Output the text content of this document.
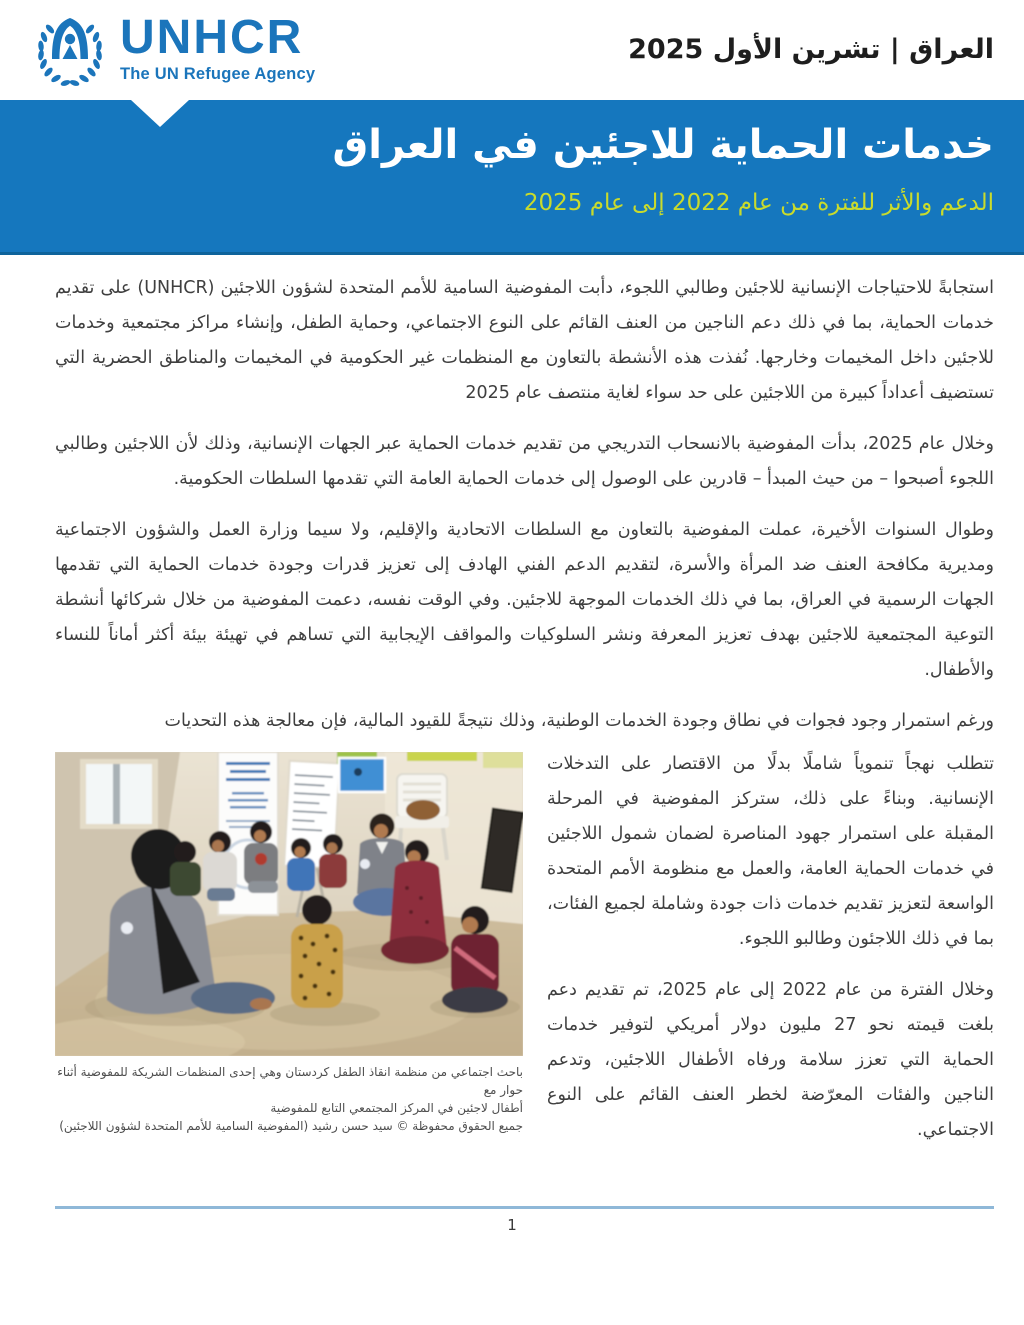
UNHCR
The UN Refugee Agency
العراق | تشرين الأول 2025
خدمات الحماية للاجئين في العراق
الدعم والأثر للفترة من عام 2022 إلى عام 2025

استجابةً للاحتياجات الإنسانية للاجئين وطالبي اللجوء، دأبت المفوضية السامية للأمم المتحدة لشؤون اللاجئين (UNHCR) على تقديم خدمات الحماية، بما في ذلك دعم الناجين من العنف القائم على النوع الاجتماعي، وحماية الطفل، وإنشاء مراكز مجتمعية وخدمات للاجئين داخل المخيمات وخارجها. نُفذت هذه الأنشطة بالتعاون مع المنظمات غير الحكومية في المخيمات والمناطق الحضرية التي تستضيف أعداداً كبيرة من اللاجئين على حد سواء لغاية منتصف عام 2025

وخلال عام 2025، بدأت المفوضية بالانسحاب التدريجي من تقديم خدمات الحماية عبر الجهات الإنسانية، وذلك لأن اللاجئين وطالبي اللجوء أصبحوا – من حيث المبدأ – قادرين على الوصول إلى خدمات الحماية العامة التي تقدمها السلطات الحكومية.

وطوال السنوات الأخيرة، عملت المفوضية بالتعاون مع السلطات الاتحادية والإقليم، ولا سيما وزارة العمل والشؤون الاجتماعية ومديرية مكافحة العنف ضد المرأة والأسرة، لتقديم الدعم الفني الهادف إلى تعزيز قدرات وجودة خدمات الحماية التي تقدمها الجهات الرسمية في العراق، بما في ذلك الخدمات الموجهة للاجئين. وفي الوقت نفسه، دعمت المفوضية من خلال شركائها أنشطة التوعية المجتمعية للاجئين بهدف تعزيز المعرفة ونشر السلوكيات والمواقف الإيجابية التي تساهم في تهيئة بيئة أكثر أماناً للنساء والأطفال.

ورغم استمرار وجود فجوات في نطاق وجودة الخدمات الوطنية، وذلك نتيجةً للقيود المالية، فإن معالجة هذه التحديات

باحث اجتماعي من منظمة انقاذ الطفل كردستان وهي إحدى المنظمات الشريكة للمفوضية أثناء حوار مع
أطفال لاجئين في المركز المجتمعي التابع للمفوضية
جميع الحقوق محفوظة © سيد حسن رشيد (المفوضية السامية للأمم المتحدة لشؤون اللاجئين)

تتطلب نهجاً تنموياً شاملًا بدلًا من الاقتصار على التدخلات الإنسانية. وبناءً على ذلك، ستركز المفوضية في المرحلة المقبلة على استمرار جهود المناصرة لضمان شمول اللاجئين في خدمات الحماية العامة، والعمل مع منظومة الأمم المتحدة الواسعة لتعزيز تقديم خدمات ذات جودة وشاملة لجميع الفئات، بما في ذلك اللاجئون وطالبو اللجوء.

وخلال الفترة من عام 2022 إلى عام 2025، تم تقديم دعم بلغت قيمته نحو 27 مليون دولار أمريكي لتوفير خدمات الحماية التي تعزز سلامة ورفاه الأطفال اللاجئين، وتدعم الناجين والفئات المعرّضة لخطر العنف القائم على النوع الاجتماعي.

1
